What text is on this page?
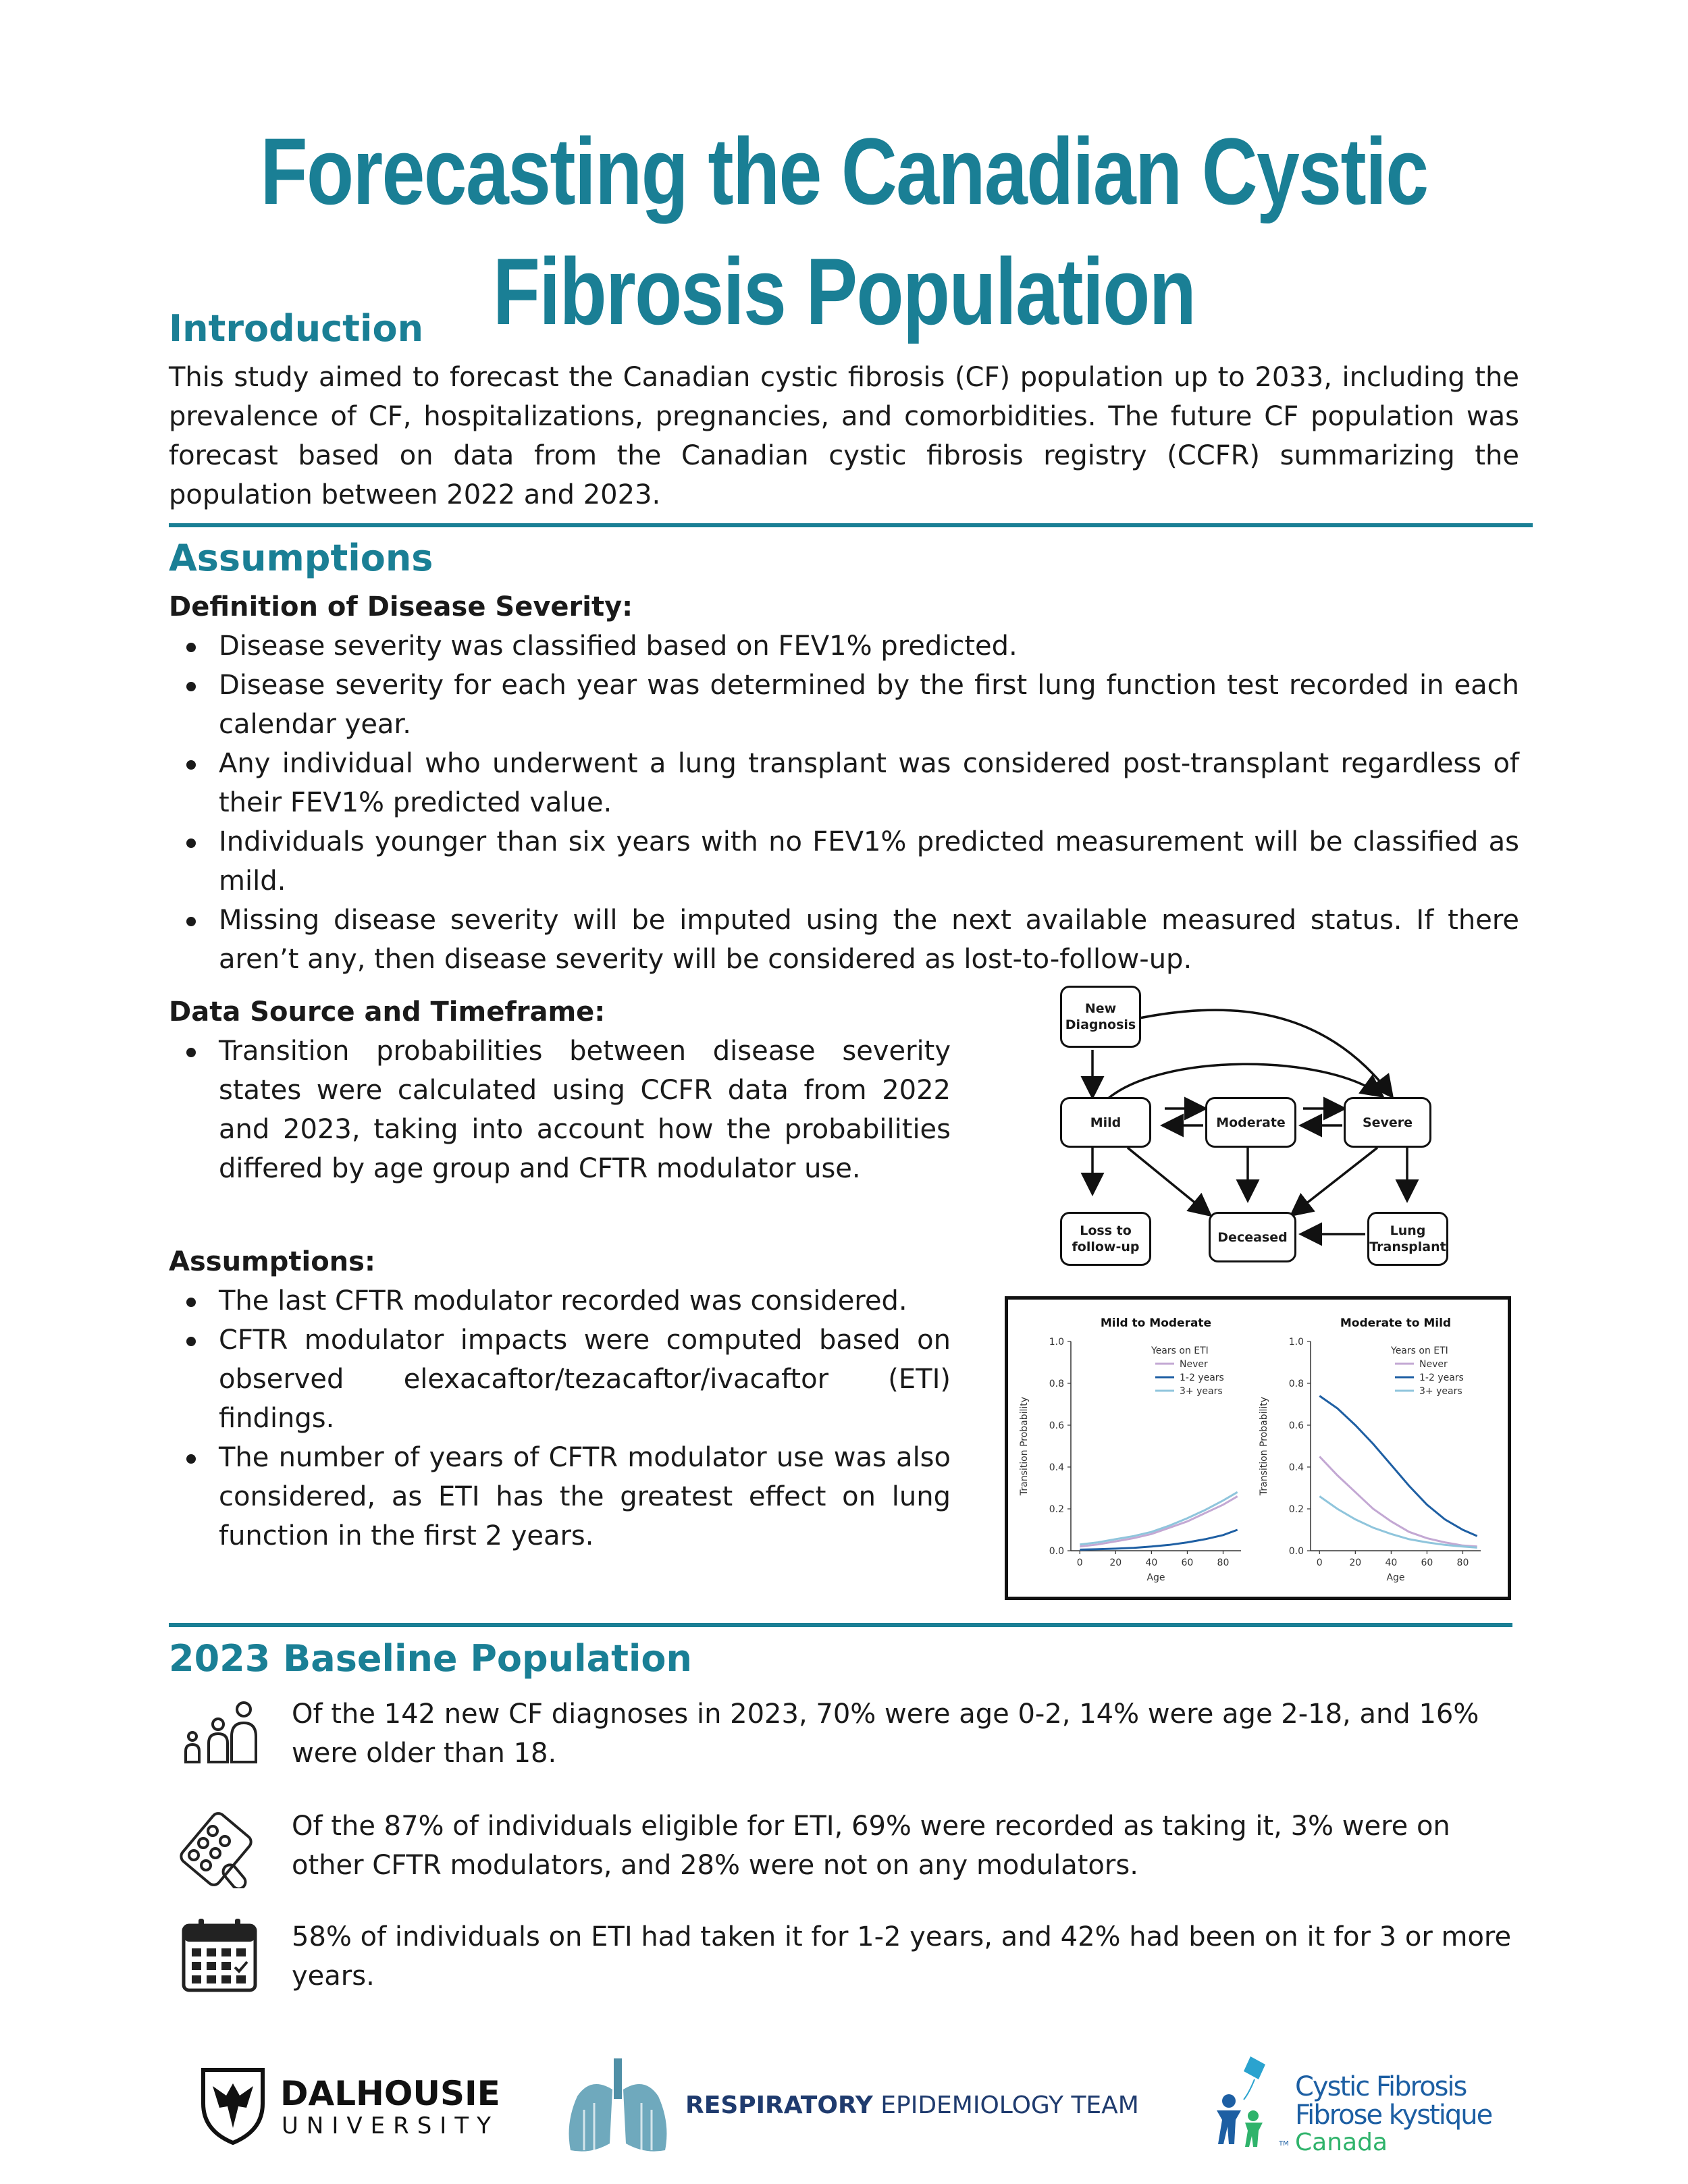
Forecasting the Canadian Cystic Fibrosis Population
Introduction

This study aimed to forecast the Canadian cystic fibrosis (CF) population up to 2033, including the prevalence of CF, hospitalizations, pregnancies, and comorbidities. The future CF population was forecast based on data from the Canadian cystic fibrosis registry (CCFR) summarizing the population between 2022 and 2023.

Assumptions
Definition of Disease Severity:
Disease severity was classified based on FEV1% predicted.
Disease severity for each year was determined by the first lung function test recorded in each calendar year.
Any individual who underwent a lung transplant was considered post-transplant regardless of their FEV1% predicted value.
Individuals younger than six years with no FEV1% predicted measurement will be classified as mild.
Missing disease severity will be imputed using the next available measured status. If there aren’t any, then disease severity will be considered as lost-to-follow-up.
Data Source and Timeframe:
Transition probabilities between disease severity states were calculated using CCFR data from 2022 and 2023, taking into account how the probabilities differed by age group and CFTR modulator use.
Assumptions:
The last CFTR modulator recorded was considered.
CFTR modulator impacts were computed based on observed elexacaftor/tezacaftor/ivacaftor (ETI) findings.
The number of years of CFTR modulator use was also considered, as ETI has the greatest effect on lung function in the first 2 years.
New Diagnosis
Mild	Moderate	Severe
Loss to follow-up
Deceased	Lung Transplant
Mild to Moderate
0.0
0.2
0.4
0.6
0.8
1.0
0	20	40	60	80
Age
Transition Probability
Years on ETI
Never
1-2 years
3+ years
Moderate to Mild
0.0
0.2
0.4
0.6
0.8
1.0
0	20	40	60	80
Age
Transition Probability
Years on ETI
Never
1-2 years
3+ years
2023 Baseline Population

Of the 142 new CF diagnoses in 2023, 70% were age 0-2, 14% were age 2-18, and 16% were older than 18.

Of the 87% of individuals eligible for ETI, 69% were recorded as taking it, 3% were on other CFTR modulators, and 28% were not on any modulators.

58% of individuals on ETI had taken it for 1-2 years, and 42% had been on it for 3 or more years.

DALHOUSIE
UNIVERSITY
RESPIRATORY EPIDEMIOLOGY TEAM
TM
Cystic Fibrosis
Fibrose kystique
Canada
